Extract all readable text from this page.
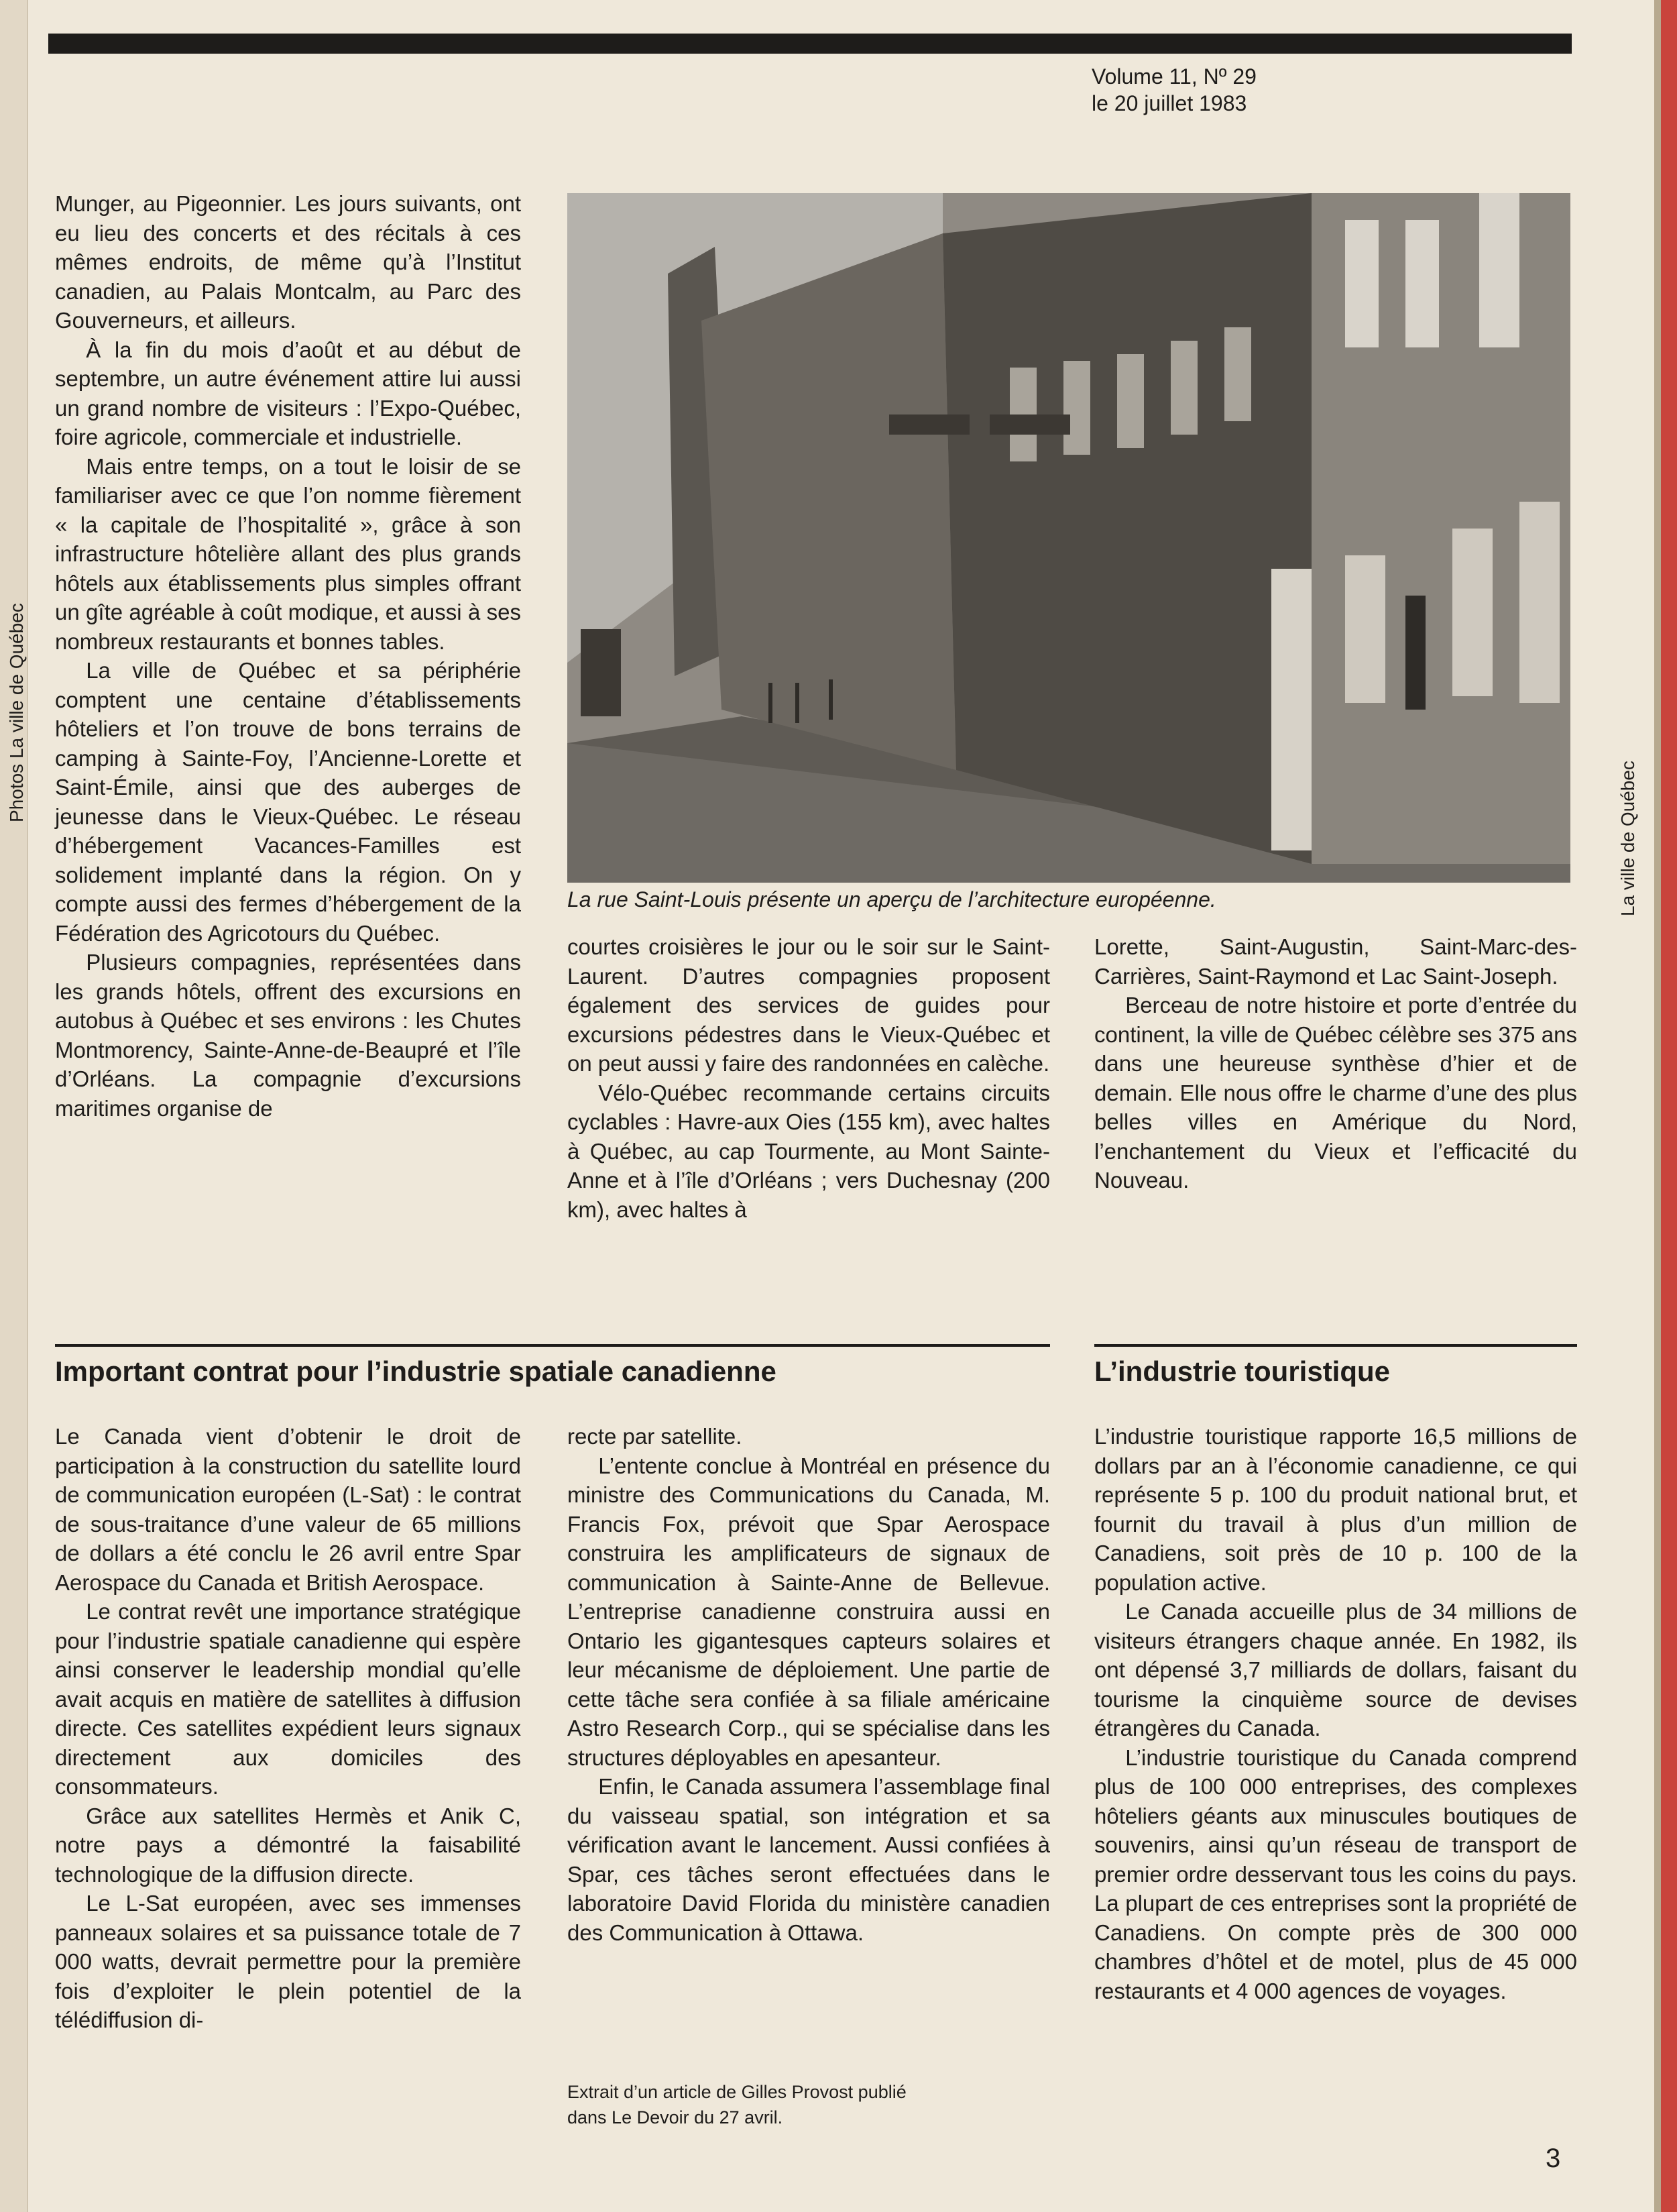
Volume 11, Nº 29
le 20 juillet 1983
Photos La ville de Québec

Munger, au Pigeonnier. Les jours suivants, ont eu lieu des concerts et des récitals à ces mêmes endroits, de même qu’à l’Institut canadien, au Palais Montcalm, au Parc des Gouverneurs, et ailleurs.

À la fin du mois d’août et au début de septembre, un autre événement attire lui aussi un grand nombre de visiteurs : l’Expo-Québec, foire agricole, commerciale et industrielle.

Mais entre temps, on a tout le loisir de se familiariser avec ce que l’on nomme fièrement « la capitale de l’hospitalité », grâce à son infrastructure hôtelière allant des plus grands hôtels aux établissements plus simples offrant un gîte agréable à coût modique, et aussi à ses nombreux restaurants et bonnes tables.

La ville de Québec et sa périphérie comptent une centaine d’établissements hôteliers et l’on trouve de bons terrains de camping à Sainte-Foy, l’Ancienne-Lorette et Saint-Émile, ainsi que des auberges de jeunesse dans le Vieux-Québec. Le réseau d’hébergement Vacances-Familles est solidement implanté dans la région. On y compte aussi des fermes d’hébergement de la Fédération des Agricotours du Québec.

Plusieurs compagnies, représentées dans les grands hôtels, offrent des excursions en autobus à Québec et ses environs : les Chutes Montmorency, Sainte-Anne-de-Beaupré et l’île d’Orléans. La compagnie d’excursions maritimes organise de

La rue Saint-Louis présente un aperçu de l’architecture européenne.	La ville de Québec

courtes croisières le jour ou le soir sur le Saint-Laurent. D’autres compagnies proposent également des services de guides pour excursions pédestres dans le Vieux-Québec et on peut aussi y faire des randonnées en calèche.

Vélo-Québec recommande certains circuits cyclables : Havre-aux Oies (155 km), avec haltes à Québec, au cap Tourmente, au Mont Sainte-Anne et à l’île d’Orléans ; vers Duchesnay (200 km), avec haltes à

Lorette, Saint-Augustin, Saint-Marc-des-Carrières, Saint-Raymond et Lac Saint-Joseph.

Berceau de notre histoire et porte d’entrée du continent, la ville de Québec célèbre ses 375 ans dans une heureuse synthèse d’hier et de demain. Elle nous offre le charme d’une des plus belles villes en Amérique du Nord, l’enchantement du Vieux et l’efficacité du Nouveau.

Important contrat pour l’industrie spatiale canadienne

Le Canada vient d’obtenir le droit de participation à la construction du satellite lourd de communication européen (L-Sat) : le contrat de sous-traitance d’une valeur de 65 millions de dollars a été conclu le 26 avril entre Spar Aerospace du Canada et British Aerospace.

Le contrat revêt une importance stratégique pour l’industrie spatiale canadienne qui espère ainsi conserver le leadership mondial qu’elle avait acquis en matière de satellites à diffusion directe. Ces satellites expédient leurs signaux directement aux domiciles des consommateurs.

Grâce aux satellites Hermès et Anik C, notre pays a démontré la faisabilité technologique de la diffusion directe.

Le L-Sat européen, avec ses immenses panneaux solaires et sa puissance totale de 7 000 watts, devrait permettre pour la première fois d’exploiter le plein potentiel de la télédiffusion di-

recte par satellite.

L’entente conclue à Montréal en présence du ministre des Communications du Canada, M. Francis Fox, prévoit que Spar Aerospace construira les amplificateurs de signaux de communication à Sainte-Anne de Bellevue. L’entreprise canadienne construira aussi en Ontario les gigantesques capteurs solaires et leur mécanisme de déploiement. Une partie de cette tâche sera confiée à sa filiale américaine Astro Research Corp., qui se spécialise dans les structures déployables en apesanteur.

Enfin, le Canada assumera l’assemblage final du vaisseau spatial, son intégration et sa vérification avant le lancement. Aussi confiées à Spar, ces tâches seront effectuées dans le laboratoire David Florida du ministère canadien des Communication à Ottawa.

Extrait d’un article de Gilles Provost publié
dans Le Devoir du 27 avril.
L’industrie touristique

L’industrie touristique rapporte 16,5 millions de dollars par an à l’économie canadienne, ce qui représente 5 p. 100 du produit national brut, et fournit du travail à plus d’un million de Canadiens, soit près de 10 p. 100 de la population active.

Le Canada accueille plus de 34 millions de visiteurs étrangers chaque année. En 1982, ils ont dépensé 3,7 milliards de dollars, faisant du tourisme la cinquième source de devises étrangères du Canada.

L’industrie touristique du Canada comprend plus de 100 000 entreprises, des complexes hôteliers géants aux minuscules boutiques de souvenirs, ainsi qu’un réseau de transport de premier ordre desservant tous les coins du pays. La plupart de ces entreprises sont la propriété de Canadiens. On compte près de 300 000 chambres d’hôtel et de motel, plus de 45 000 restaurants et 4 000 agences de voyages.

3
